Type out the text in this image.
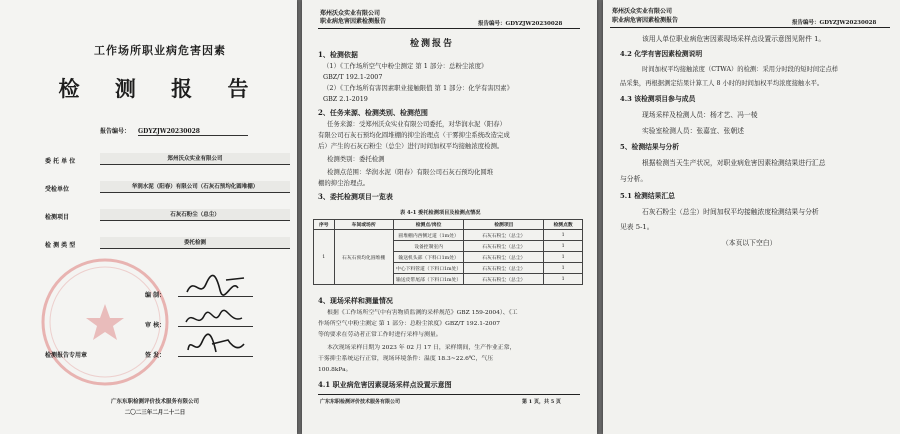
工作场所职业病危害因素
检 测 报 告
报告编号： GDYZJW20230028
委 托 单 位	郑州沃众实业有限公司
受检单位	华润水泥（阳春）有限公司（石灰石预均化圆堆棚）
检测项目	石灰石粉尘（总尘）
检 测 类 型	委托检测
编 制：
审 核：
检测报告专用章	签 发：
广东东职检测评价技术服务有限公司
二〇二三年二月二十二日
郑州沃众实业有限公司
职业病危害因素检测报告	报告编号：GDYZJW20230028
检测报告
1、检测依据
（1）《工作场所空气中粉尘测定 第 1 部分：总粉尘浓度》
GBZ/T 192.1-2007
（2）《工作场所有害因素职业接触限值 第 1 部分：化学有害因素》
GBZ 2.1-2019
2、任务来源、检测类别、检测范围
任务来源：受郑州沃众实业有限公司委托，对华润水泥（阳春）
有限公司石灰石预均化圆堆棚的抑尘治理点（干雾抑尘系统改造完成
后）产生的石灰石粉尘（总尘）进行时间加权平均接触浓度检测。
检测类别：委托检测
检测点范围：华润水泥（阳春）有限公司石灰石预均化圆堆
棚的抑尘治理点。
3、委托检测项目一览表
表 4-1 委托检测项目及检测点情况
序号	车间或场所	检测点/岗位	检测项目	检测点数
1	石灰石预均化圆堆棚	圆堆棚内西侧过道（1m处）	石灰石粉尘（总尘）	1
		设备控制室内	石灰石粉尘（总尘）	1
		输送机头部（下料口1m处）	石灰石粉尘（总尘）	1
		中心下料管道（下料口1m处）	石灰石粉尘（总尘）	1
		输送皮带尾部（下料口1m处）	石灰石粉尘（总尘）	1
4、现场采样和测量情况
根据《工作场所空气中有害物质监测的采样规范》GBZ 159-2004）、《工
作场所空气中粉尘测定 第 1 部分：总粉尘浓度》GBZ/T 192.1-2007
等的要求在劳动者正常工作时进行采样与测量。
本次现场采样日期为 2023 年 02 月 17 日，采样期间，生产作业正常，
干雾抑尘系统运行正常，现场环境条件：温度 18.3~22.6℃，气压
100.8kPa。
4.1 职业病危害因素现场采样点设置示意图
广东东职检测评价技术服务有限公司	第 1 页，共 5 页
郑州沃众实业有限公司
职业病危害因素检测报告	报告编号：GDYZJW20230028
该用人单位职业病危害因素现场采样点设置示意图见附件 1。
4.2 化学有害因素检测说明
时间加权平均接触浓度（CTWA）的检测：采用分时段的短时间定点样
品采集，再根据测定结果计算工人 8 小时的时间加权平均浓度接触水平。
4.3 该检测项目参与成员
现场采样及检测人员：杨才艺、冯一棱
实验室检测人员：张嘉宜、张朝述
5、检测结果与分析
根据检测当天生产状况，对职业病危害因素检测结果进行汇总
与分析。
5.1 检测结果汇总
石灰石粉尘（总尘）时间加权平均接触浓度检测结果与分析
见表 5-1。
（本页以下空白）
